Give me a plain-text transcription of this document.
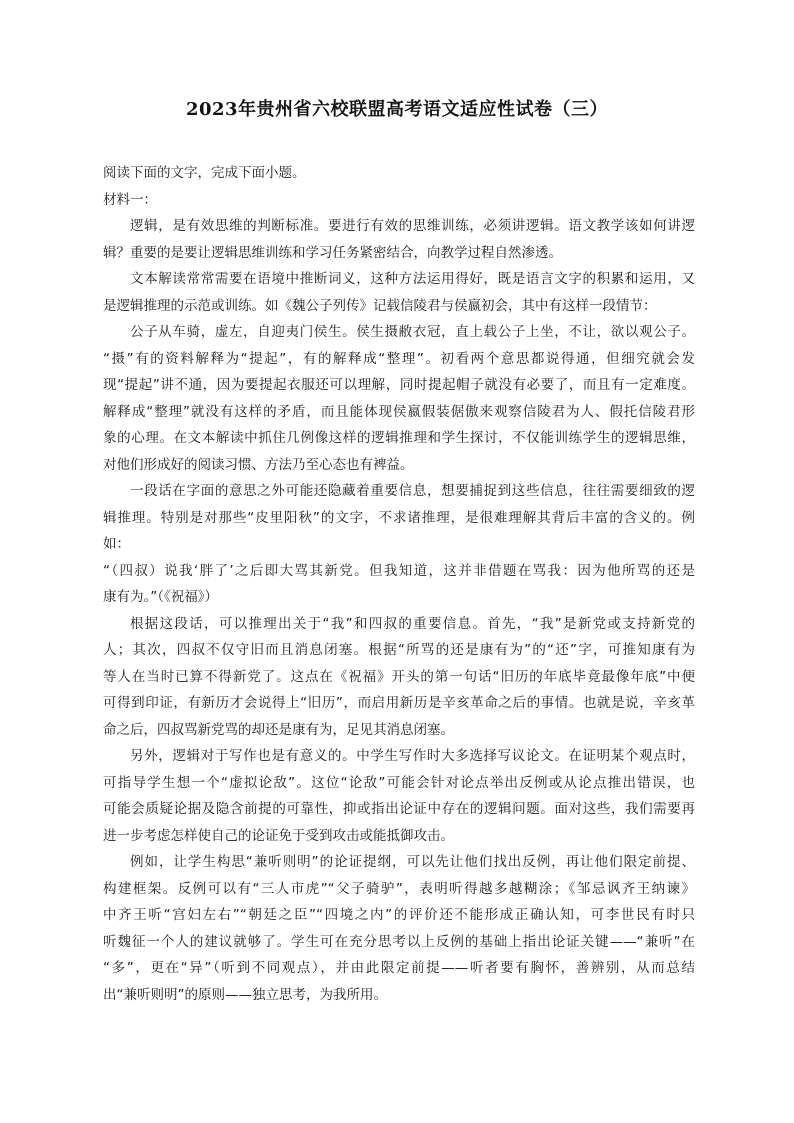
2023年贵州省六校联盟高考语文适应性试卷（三）
阅读下面的文字，完成下面小题。
材料一：
逻辑，是有效思维的判断标准。要进行有效的思维训练，必须讲逻辑。语文教学该如何讲逻
辑？重要的是要让逻辑思维训练和学习任务紧密结合，向教学过程自然渗透。
文本解读常常需要在语境中推断词义，这种方法运用得好，既是语言文字的积累和运用，又
是逻辑推理的示范或训练。如《魏公子列传》记载信陵君与侯嬴初会，其中有这样一段情节：
公子从车骑，虚左，自迎夷门侯生。侯生摄敝衣冠，直上载公子上坐，不让，欲以观公子。
“摄”有的资料解释为“提起”，有的解释成“整理”。初看两个意思都说得通，但细究就会发
现“提起”讲不通，因为要提起衣服还可以理解，同时提起帽子就没有必要了，而且有一定难度。
解释成“整理”就没有这样的矛盾，而且能体现侯嬴假装倨傲来观察信陵君为人、假托信陵君形
象的心理。在文本解读中抓住几例像这样的逻辑推理和学生探讨，不仅能训练学生的逻辑思维，
对他们形成好的阅读习惯、方法乃至心态也有裨益。
一段话在字面的意思之外可能还隐藏着重要信息，想要捕捉到这些信息，往往需要细致的逻
辑推理。特别是对那些“皮里阳秋”的文字，不求诸推理，是很难理解其背后丰富的含义的。例
如：
“（四叔）说我‘胖了’之后即大骂其新党。但我知道，这并非借题在骂我：因为他所骂的还是
康有为。”（《祝福》）
根据这段话，可以推理出关于“我”和四叔的重要信息。首先，“我”是新党或支持新党的
人；其次，四叔不仅守旧而且消息闭塞。根据“所骂的还是康有为”的“还”字，可推知康有为
等人在当时已算不得新党了。这点在《祝福》开头的第一句话“旧历的年底毕竟最像年底”中便
可得到印证，有新历才会说得上“旧历”，而启用新历是辛亥革命之后的事情。也就是说，辛亥革
命之后，四叔骂新党骂的却还是康有为，足见其消息闭塞。
另外，逻辑对于写作也是有意义的。中学生写作时大多选择写议论文。在证明某个观点时，
可指导学生想一个“虚拟论敌”。这位“论敌”可能会针对论点举出反例或从论点推出错误，也
可能会质疑论据及隐含前提的可靠性，抑或指出论证中存在的逻辑问题。面对这些，我们需要再
进一步考虑怎样使自己的论证免于受到攻击或能抵御攻击。
例如，让学生构思“兼听则明”的论证提纲，可以先让他们找出反例，再让他们限定前提、
构建框架。反例可以有“三人市虎”“父子骑驴”，表明听得越多越糊涂；《邹忌讽齐王纳谏》
中齐王听“宫妇左右”“朝廷之臣”“四境之内”的评价还不能形成正确认知，可李世民有时只
听魏征一个人的建议就够了。学生可在充分思考以上反例的基础上指出论证关键——“兼听”在
“多”，更在“异”（听到不同观点），并由此限定前提——听者要有胸怀，善辨别，从而总结
出“兼听则明”的原则——独立思考，为我所用。
